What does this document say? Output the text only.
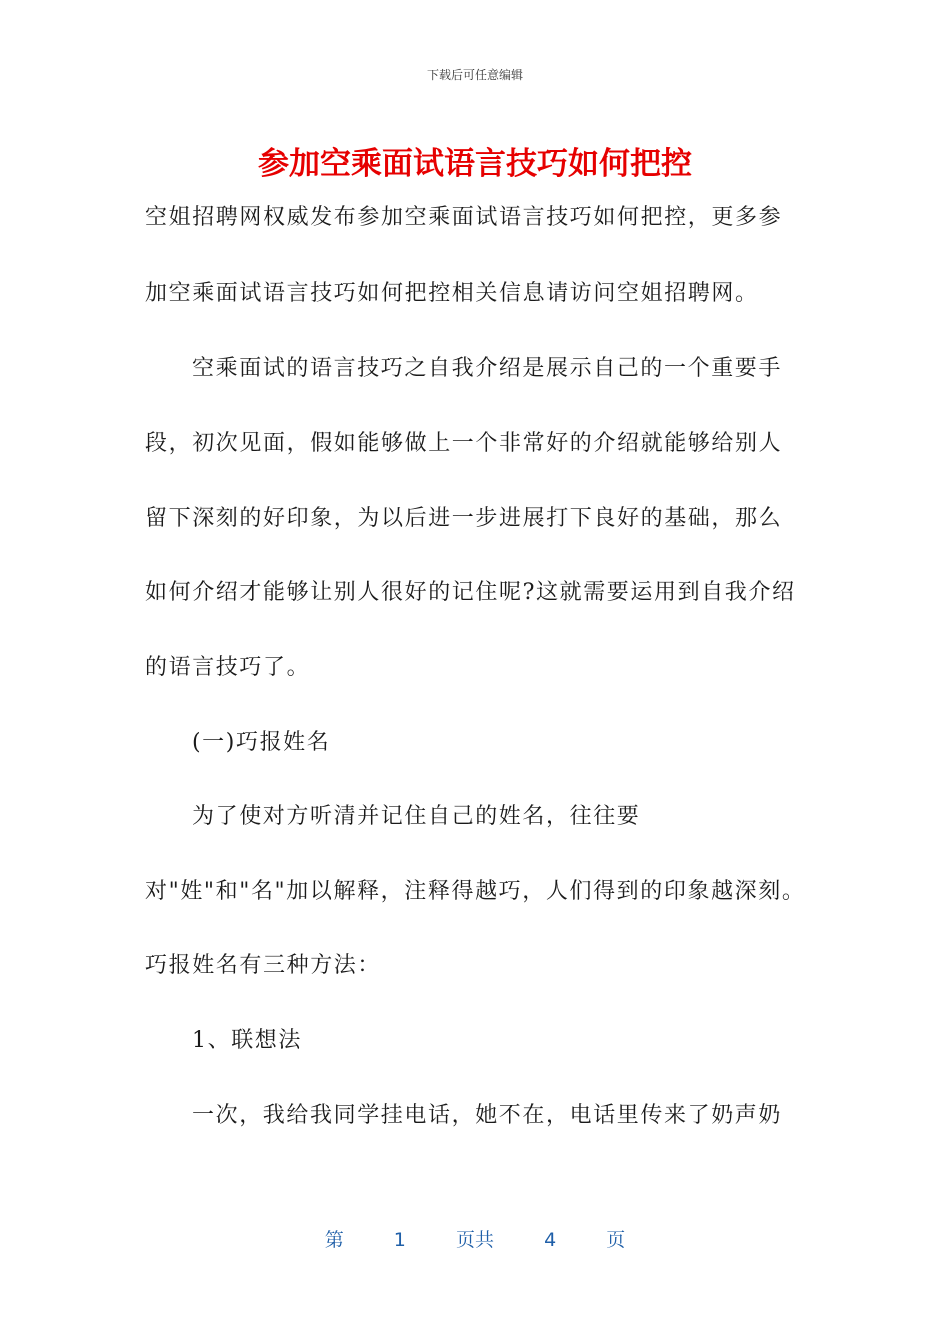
下载后可任意编辑
参加空乘面试语言技巧如何把控
空姐招聘网权威发布参加空乘面试语言技巧如何把控，更多参
加空乘面试语言技巧如何把控相关信息请访问空姐招聘网。
空乘面试的语言技巧之自我介绍是展示自己的一个重要手
段，初次见面，假如能够做上一个非常好的介绍就能够给别人
留下深刻的好印象，为以后进一步进展打下良好的基础，那么
如何介绍才能够让别人很好的记住呢?这就需要运用到自我介绍
的语言技巧了。
(一)巧报姓名
为了使对方听清并记住自己的姓名，往往要
对"姓"和"名"加以解释，注释得越巧，人们得到的印象越深刻。
巧报姓名有三种方法：
1、联想法
一次，我给我同学挂电话，她不在，电话里传来了奶声奶
第	1	页共	4	页
